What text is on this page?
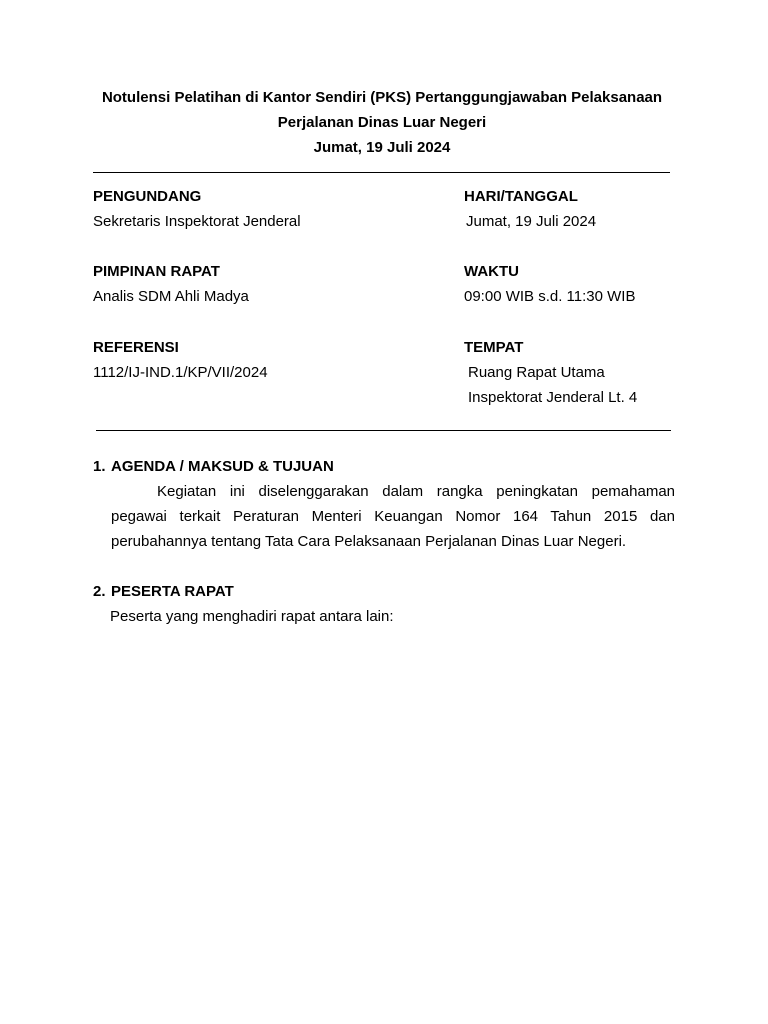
Notulensi Pelatihan di Kantor Sendiri (PKS) Pertanggungjawaban Pelaksanaan
Perjalanan Dinas Luar Negeri
Jumat, 19 Juli 2024
PENGUNDANG
Sekretaris Inspektorat Jenderal
PIMPINAN RAPAT
Analis SDM Ahli Madya
REFERENSI
1112/IJ-IND.1/KP/VII/2024
HARI/TANGGAL
Jumat, 19 Juli 2024
WAKTU
09:00 WIB s.d. 11:30 WIB
TEMPAT
Ruang Rapat Utama
Inspektorat Jenderal Lt. 4
1. AGENDA / MAKSUD & TUJUAN
Kegiatan ini diselenggarakan dalam rangka peningkatan pemahaman pegawai terkait Peraturan Menteri Keuangan Nomor 164 Tahun 2015 dan perubahannya tentang Tata Cara Pelaksanaan Perjalanan Dinas Luar Negeri.
2. PESERTA RAPAT
Peserta yang menghadiri rapat antara lain:
